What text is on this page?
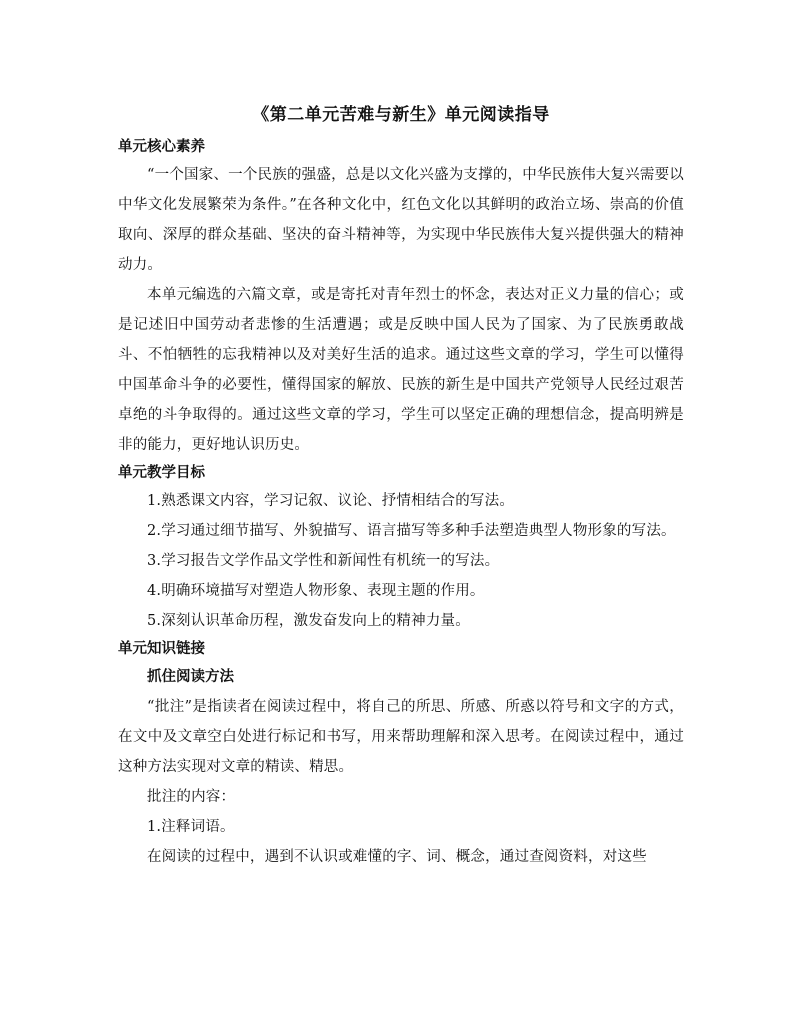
《第二单元苦难与新生》单元阅读指导
单元核心素养

“一个国家、一个民族的强盛，总是以文化兴盛为支撑的，中华民族伟大复兴需要以中华文化发展繁荣为条件。”在各种文化中，红色文化以其鲜明的政治立场、崇高的价值取向、深厚的群众基础、坚决的奋斗精神等，为实现中华民族伟大复兴提供强大的精神动力。

本单元编选的六篇文章，或是寄托对青年烈士的怀念，表达对正义力量的信心；或是记述旧中国劳动者悲惨的生活遭遇；或是反映中国人民为了国家、为了民族勇敢战斗、不怕牺牲的忘我精神以及对美好生活的追求。通过这些文章的学习，学生可以懂得中国革命斗争的必要性，懂得国家的解放、民族的新生是中国共产党领导人民经过艰苦卓绝的斗争取得的。通过这些文章的学习，学生可以坚定正确的理想信念，提高明辨是非的能力，更好地认识历史。

单元教学目标

1.熟悉课文内容，学习记叙、议论、抒情相结合的写法。

2.学习通过细节描写、外貌描写、语言描写等多种手法塑造典型人物形象的写法。

3.学习报告文学作品文学性和新闻性有机统一的写法。

4.明确环境描写对塑造人物形象、表现主题的作用。

5.深刻认识革命历程，激发奋发向上的精神力量。

单元知识链接
抓住阅读方法

“批注”是指读者在阅读过程中，将自己的所思、所感、所惑以符号和文字的方式，在文中及文章空白处进行标记和书写，用来帮助理解和深入思考。在阅读过程中，通过这种方法实现对文章的精读、精思。

批注的内容：

1.注释词语。

在阅读的过程中，遇到不认识或难懂的字、词、概念，通过查阅资料，对这些
